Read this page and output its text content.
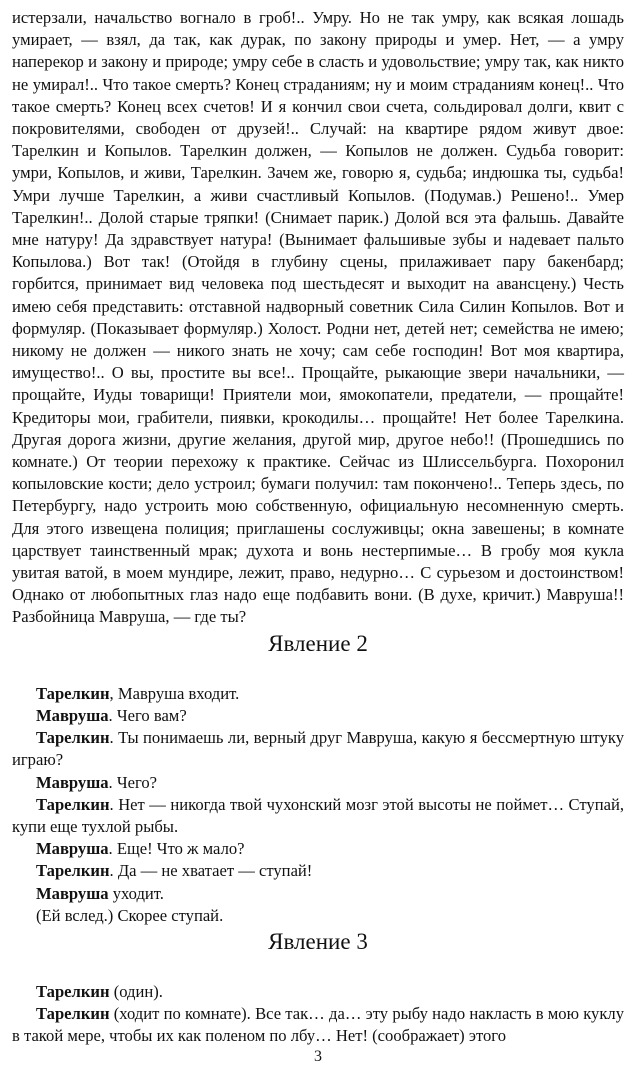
истерзали, начальство вогнало в гроб!.. Умру. Но не так умру, как всякая лошадь умирает, — взял, да так, как дурак, по закону природы и умер. Нет, — а умру наперекор и закону и природе; умру себе в сласть и удовольствие; умру так, как никто не умирал!.. Что такое смерть? Конец страданиям; ну и моим страданиям конец!.. Что такое смерть? Конец всех счетов! И я кончил свои счета, сольдировал долги, квит с покровителями, свободен от друзей!.. Случай: на квартире рядом живут двое: Тарелкин и Копылов. Тарелкин должен, — Копылов не должен. Судьба говорит: умри, Копылов, и живи, Тарелкин. Зачем же, говорю я, судьба; индюшка ты, судьба! Умри лучше Тарелкин, а живи счастливый Копылов. (Подумав.) Решено!.. Умер Тарелкин!.. Долой старые тряпки! (Снимает парик.) Долой вся эта фальшь. Давайте мне натуру! Да здравствует натура! (Вынимает фальшивые зубы и надевает пальто Копылова.) Вот так! (Отойдя в глубину сцены, прилаживает пару бакенбард; горбится, принимает вид человека под шестьдесят и выходит на авансцену.) Честь имею себя представить: отставной надворный советник Сила Силин Копылов. Вот и формуляр. (Показывает формуляр.) Холост. Родни нет, детей нет; семейства не имею; никому не должен — никого знать не хочу; сам себе господин! Вот моя квартира, имущество!.. О вы, простите вы все!.. Прощайте, рыкающие звери начальники, — прощайте, Иуды товарищи! Приятели мои, ямокопатели, предатели, — прощайте! Кредиторы мои, грабители, пиявки, крокодилы… прощайте! Нет более Тарелкина. Другая дорога жизни, другие желания, другой мир, другое небо!! (Прошедшись по комнате.) От теории перехожу к практике. Сейчас из Шлиссельбурга. Похоронил копыловские кости; дело устроил; бумаги получил: там покончено!.. Теперь здесь, по Петербургу, надо устроить мою собственную, официальную несомненную смерть. Для этого извещена полиция; приглашены сослуживцы; окна завешены; в комнате царствует таинственный мрак; духота и вонь нестерпимые… В гробу моя кукла увитая ватой, в моем мундире, лежит, право, недурно… С сурьезом и достоинством! Однако от любопытных глаз надо еще подбавить вони. (В духе, кричит.) Мавруша!! Разбойница Мавруша, — где ты?

Явление 2

Тарелкин, Мавруша входит.

Мавруша. Чего вам?

Тарелкин. Ты понимаешь ли, верный друг Мавруша, какую я бессмертную штуку играю?

Мавруша. Чего?

Тарелкин. Нет — никогда твой чухонский мозг этой высоты не поймет… Ступай, купи еще тухлой рыбы.

Мавруша. Еще! Что ж мало?

Тарелкин. Да — не хватает — ступай!

Мавруша уходит.

(Ей вслед.) Скорее ступай.

Явление 3

Тарелкин (один).

Тарелкин (ходит по комнате). Все так… да… эту рыбу надо накласть в мою куклу в такой мере, чтобы их как поленом по лбу… Нет! (соображает) этого

3
